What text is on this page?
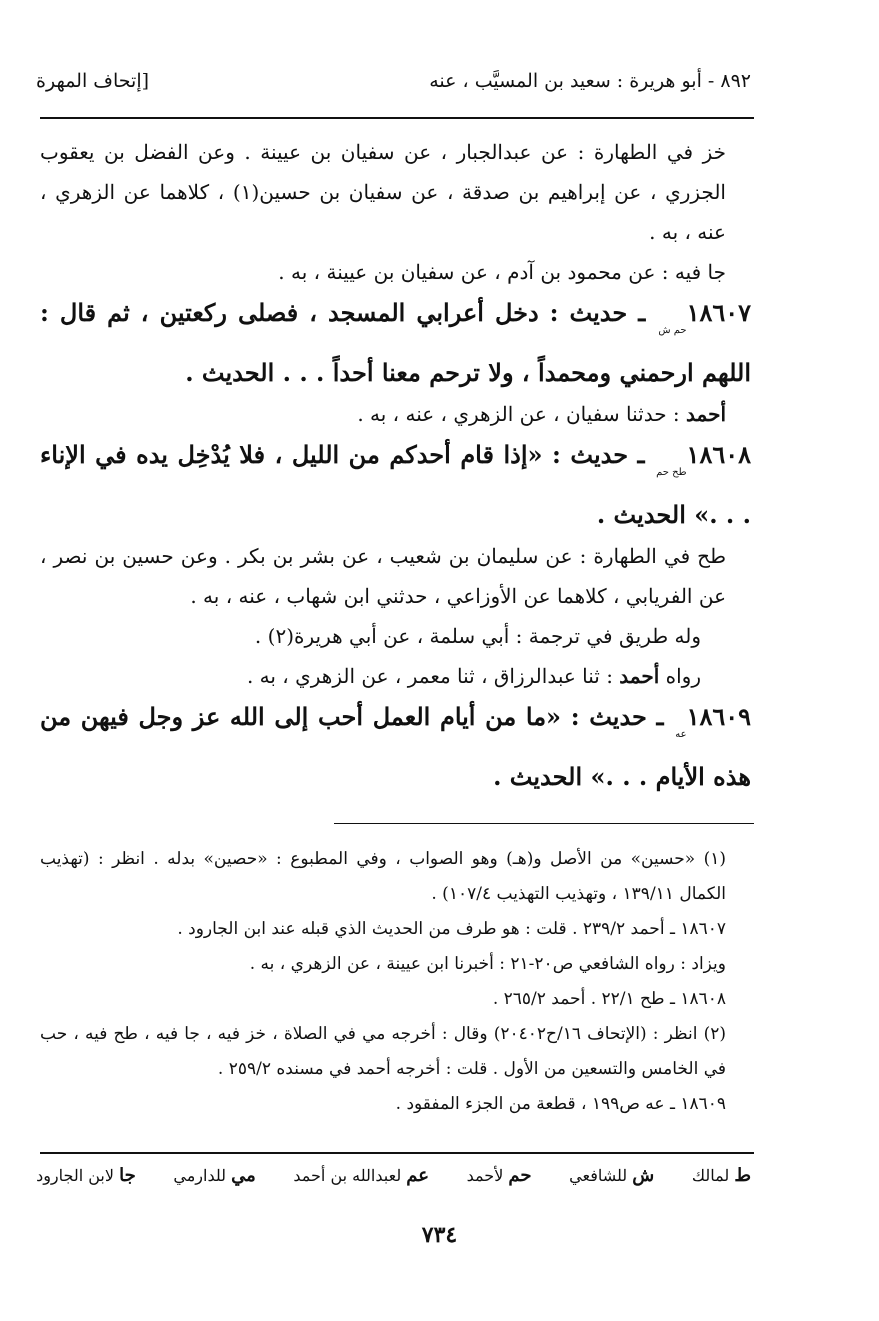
٨٩٢ - أبو هريرة : سعيد بن المسيَّب ، عنه
[إتحاف المهرة

خز في الطهارة : عن عبدالجبار ، عن سفيان بن عيينة . وعن الفضل بن يعقوب الجزري ، عن إبراهيم بن صدقة ، عن سفيان بن حسين(١) ، كلاهما عن الزهري ، عنه ، به .

جا فيه : عن محمود بن آدم ، عن سفيان بن عيينة ، به .

١٨٦٠٧حم ش ـ حديث : دخل أعرابي المسجد ، فصلى ركعتين ، ثم قال : اللهم ارحمني ومحمداً ، ولا ترحم معنا أحداً . . . الحديث .

أحمد : حدثنا سفيان ، عن الزهري ، عنه ، به .

١٨٦٠٨طح حم ـ حديث : «إذا قام أحدكم من الليل ، فلا يُدْخِل يده في الإناء . . .» الحديث .

طح في الطهارة : عن سليمان بن شعيب ، عن بشر بن بكر . وعن حسين بن نصر ، عن الفريابي ، كلاهما عن الأوزاعي ، حدثني ابن شهاب ، عنه ، به .

وله طريق في ترجمة : أبي سلمة ، عن أبي هريرة(٢) .

رواه أحمد : ثنا عبدالرزاق ، ثنا معمر ، عن الزهري ، به .

١٨٦٠٩عه ـ حديث : «ما من أيام العمل أحب إلى الله عز وجل فيهن من هذه الأيام . . .» الحديث .

(١) «حسين» من الأصل و(هـ) وهو الصواب ، وفي المطبوع : «حصين» بدله . انظر : (تهذيب الكمال ١٣٩/١١ ، وتهذيب التهذيب ١٠٧/٤) .

١٨٦٠٧ ـ أحمد ٢٣٩/٢ . قلت : هو طرف من الحديث الذي قبله عند ابن الجارود .

ويزاد : رواه الشافعي ص٢٠-٢١ : أخبرنا ابن عيينة ، عن الزهري ، به .

١٨٦٠٨ ـ طح ٢٢/١ . أحمد ٢٦٥/٢ .

(٢) انظر : (الإتحاف ١٦/ح٢٠٤٠٢) وقال : أخرجه مي في الصلاة ، خز فيه ، جا فيه ، طح فيه ، حب في الخامس والتسعين من الأول . قلت : أخرجه أحمد في مسنده ٢٥٩/٢ .

١٨٦٠٩ ـ عه ص١٩٩ ، قطعة من الجزء المفقود .

ط لمالك
ش للشافعي
حم لأحمد
عم لعبدالله بن أحمد
مي للدارمي
جا لابن الجارود
٧٣٤
